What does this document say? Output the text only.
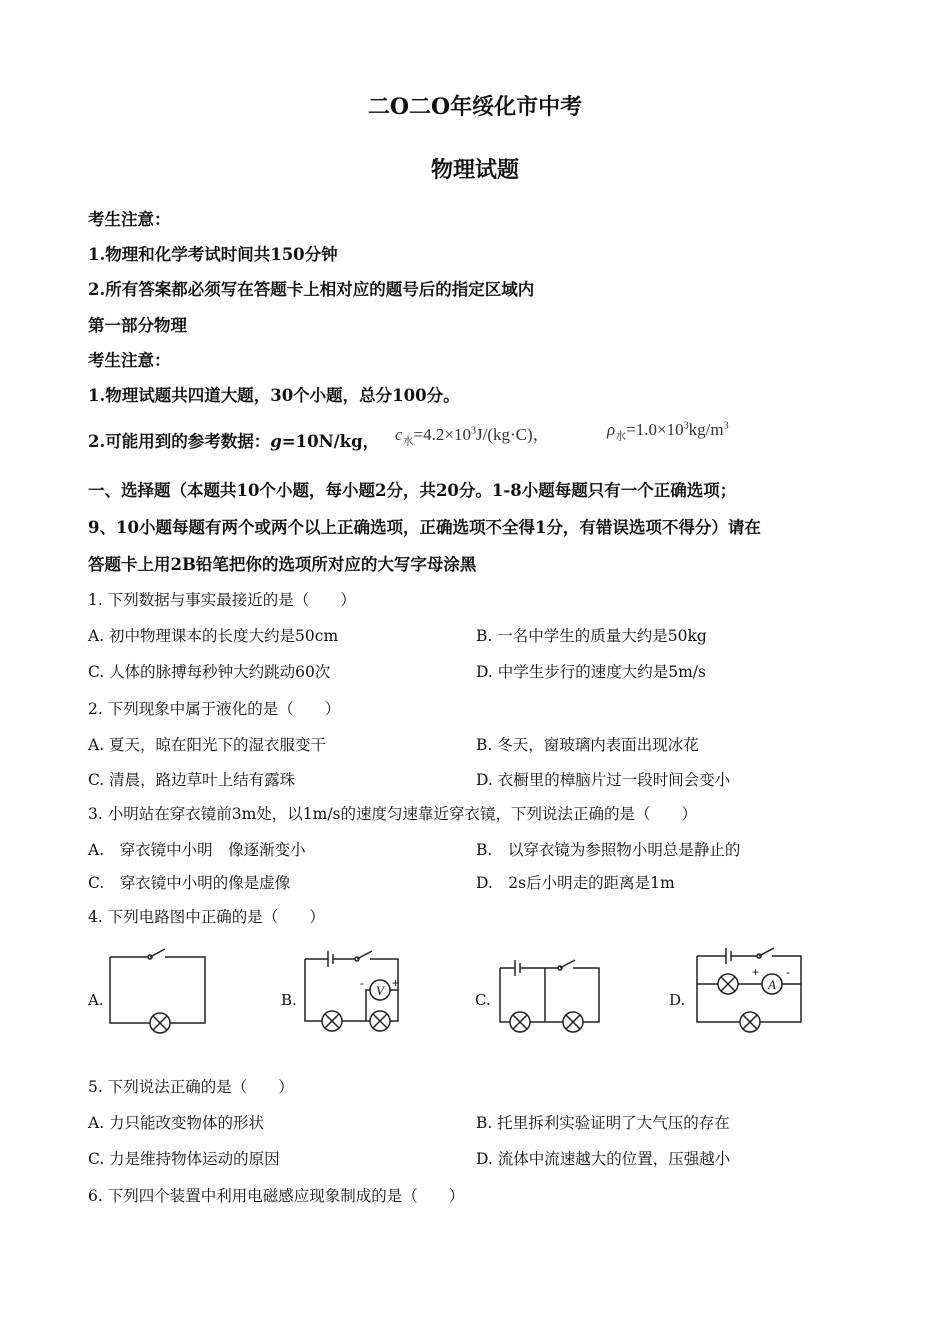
二O二O年绥化市中考
物理试题
考生注意：
1.物理和化学考试时间共150分钟
2.所有答案都必须写在答题卡上相对应的题号后的指定区域内
第一部分物理
考生注意：
1.物理试题共四道大题，30个小题，总分100分。
2.可能用到的参考数据：g=10N/kg， $c_水=4.2\times 10^3J/(kg\cdot C)$，	$\rho_水=1.0\times 10^3kg/m^3$
一、选择题（本题共10个小题，每小题2分，共20分。1-8小题每题只有一个正确选项；
9、10小题每题有两个或两个以上正确选项，正确选项不全得1分，有错误选项不得分）请在
答题卡上用2B铅笔把你的选项所对应的大写字母涂黑
1. 下列数据与事实最接近的是（　　）
A. 初中物理课本的长度大约是50cm	B. 一名中学生的质量大约是50kg
C. 人体的脉搏每秒钟大约跳动60次	D. 中学生步行的速度大约是5m/s
2. 下列现象中属于液化的是（　　）
A. 夏天，晾在阳光下的湿衣服变干	B. 冬天，窗玻璃内表面出现冰花
C. 清晨，路边草叶上结有露珠	D. 衣橱里的樟脑片过一段时间会变小
3. 小明站在穿衣镜前3m处，以1m/s的速度匀速靠近穿衣镜，下列说法正确的是（　　）
A.　穿衣镜中小明　像逐渐变小	B.　以穿衣镜为参照物小明总是静止的
C.　穿衣镜中小明的像是虚像	D.　2s后小明走的距离是1m
4. 下列电路图中正确的是（　　）
A.	B.
V
- +
C.	D.
A
+ -
5. 下列说法正确的是（　　）
A. 力只能改变物体的形状	B. 托里拆利实验证明了大气压的存在
C. 力是维持物体运动的原因	D. 流体中流速越大的位置，压强越小
6. 下列四个装置中利用电磁感应现象制成的是（　　）
